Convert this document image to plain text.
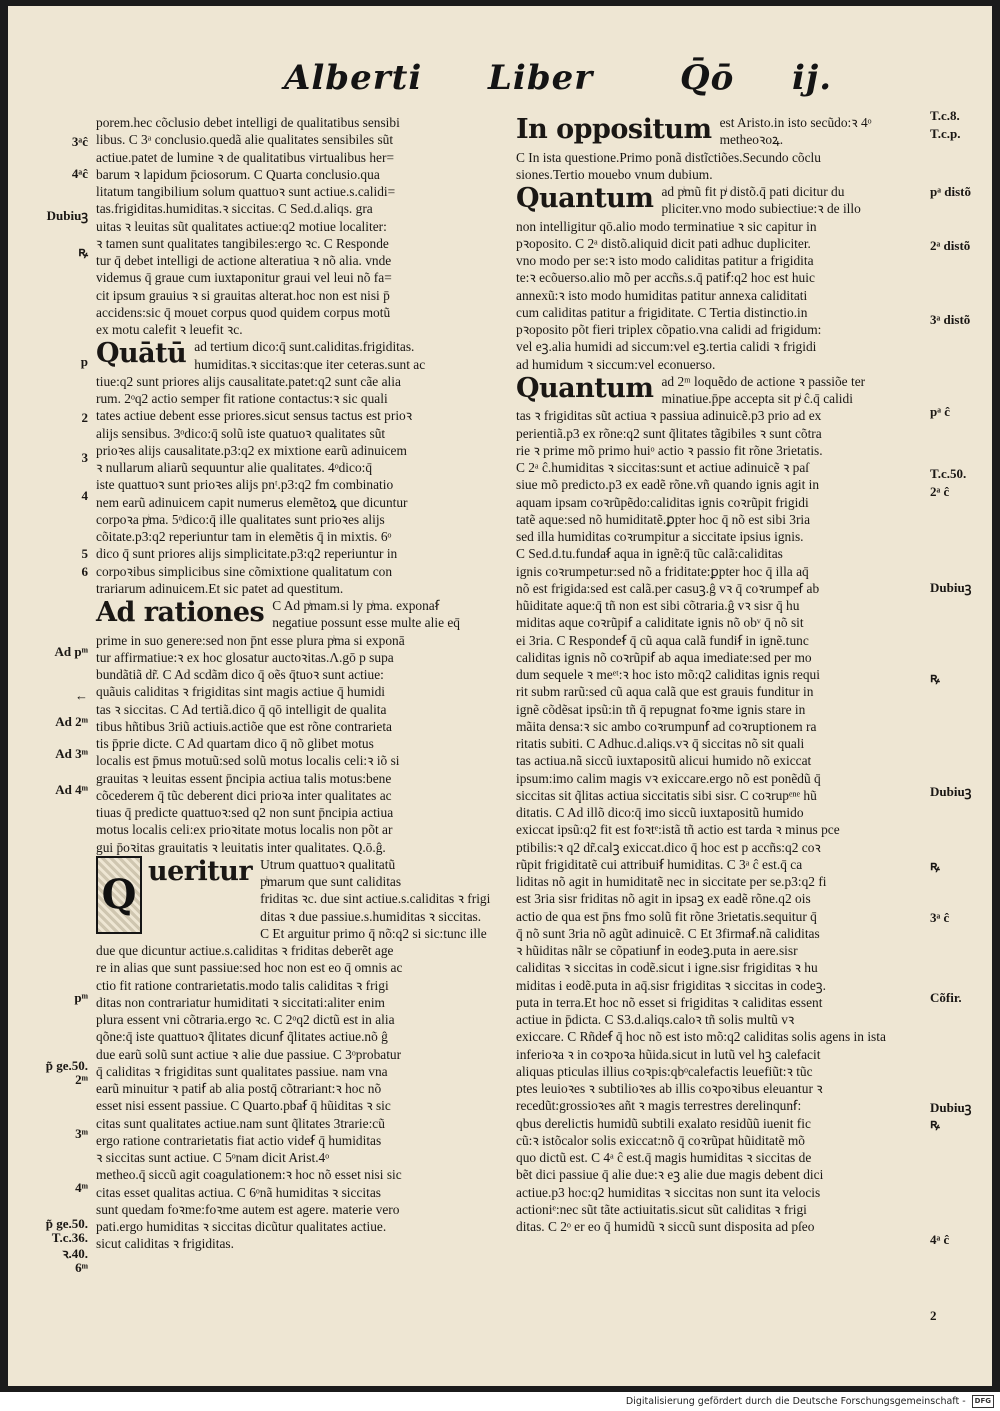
Alberti Liber	Q̄ō ij.
porem.hec cõclusio debet intelligi de qualitatibus sensibi
libus. C 3ᵃ conclusio.quedã alie qualitates sensibiles sũt
actiue.patet de lumine ꝛ de qualitatibus virtualibus her=
barum ꝛ lapidum p̄ciosorum. C Quarta conclusio.qua
litatum tangibilium solum quattuoꝛ sunt actiue.s.calidi=
tas.frigiditas.humiditas.ꝛ siccitas. C Sed.d.aliqs. gra
uitas ꝛ leuitas sũt qualitates actiue:q2 motiue localiter:
ꝛ tamen sunt qualitates tangibiles:ergo ꝛc. C Responde
tur q̄ debet intelligi de actione alteratiua ꝛ nõ alia. vnde
videmus q̄ graue cum iuxtaponitur graui vel leui nõ fa=
cit ipsum grauius ꝛ si grauitas alterat.hoc non est nisi p̄
accidens:sic q̄ mouet corpus quod quidem corpus motũ
ex motu calefit ꝛ leuefit ꝛc.
Quātū ad tertium dico:q̄ sunt.caliditas.frigiditas.
humiditas.ꝛ siccitas:que iter ceteras.sunt ac
tiue:q2 sunt priores alijs causalitate.patet:q2 sunt cãe alia
rum. 2ᵒq2 actio semper fit ratione contactus:ꝛ sic quali
tates actiue debent esse priores.sicut sensus tactus est prioꝛ
alijs sensibus. 3ᵒdico:q̄ solũ iste quatuoꝛ qualitates sũt
prioꝛes alijs causalitate.p3:q2 ex mixtione earũ adinuicem
ꝛ nullarum aliarũ sequuntur alie qualitates. 4ᵒdico:q̄
iste quattuoꝛ sunt prioꝛes alijs pnᵗ.p3:q2 fm combinatio
nem earũ adinuicem capit numerus elemẽtoꝝ que dicuntur
corpoꝛa pͥma. 5ᵒdico:q̄ ille qualitates sunt prioꝛes alijs
cõitate.p3:q2 reperiuntur tam in elemẽtis q̄ in mixtis. 6ᵒ
dico q̄ sunt priores alijs simplicitate.p3:q2 reperiuntur in
corpoꝛibus simplicibus sine cõmixtione qualitatum con
trariarum adinuicem.Et sic patet ad questitum.
Ad rationes C Ad pͥmam.si ly pͥma. exponaẜ
negatiue possunt esse multe alie eq̄
prime in suo genere:sed non p̄nt esse plura pͥma si exponā
tur affirmatiue:ꝛ ex hoc glosatur auctoꝛitas.Λ.gō p supa
bundãtiã dr̃. C Ad scdãm dico q̄ oẽs q̄tuoꝛ sunt actiue:
quãuis caliditas ꝛ frigiditas sint magis actiue q̄ humidi
tas ꝛ siccitas. C Ad tertiã.dico q̄ qō intelligit de qualita
tibus hñtibus 3riũ actiuis.actiõe que est rõne contrarieta
tis p̄prie dicte. C Ad quartam dico q̄ nõ glibet motus
localis est p̄mus motuũ:sed solũ motus localis celi:ꝛ iõ si
grauitas ꝛ leuitas essent p̄ncipia actiua talis motus:bene
cõcederem q̄ tũc deberent dici prioꝛa inter qualitates ac
tiuas q̄ predicte quattuoꝛ:sed q2 non sunt p̄ncipia actiua
motus localis celi:ex prioꝛitate motus localis non põt ar
gui p̄oꝛitas grauitatis ꝛ leuitatis inter qualitates. Q.ō.ĝ.
Q ueritur Utrum quattuoꝛ qualitatũ
pͥmarum que sunt caliditas
friditas ꝛc. due sint actiue.s.caliditas ꝛ frigi
ditas ꝛ due passiue.s.humiditas ꝛ siccitas.
C Et arguitur primo q̄ nõ:q2 si sic:tunc ille
due que dicuntur actiue.s.caliditas ꝛ friditas deberẽt age
re in alias que sunt passiue:sed hoc non est eo q̄ omnis ac
ctio fit ratione contrarietatis.modo talis caliditas ꝛ frigi
ditas non contrariatur humiditati ꝛ siccitati:aliter enim
plura essent vni cõtraria.ergo ꝛc. C 2ᵒq2 dictũ est in alia
qõne:q̄ iste quattuoꝛ q̃litates dicunẜ q̃litates actiue.nõ ĝ
due earũ solũ sunt actiue ꝛ alie due passiue. C 3ᵒprobatur
q̄ caliditas ꝛ frigiditas sunt qualitates passiue. nam vna
earũ minuitur ꝛ patiẜ ab alia postq̄ cõtrariant:ꝛ hoc nõ
esset nisi essent passiue. C Quarto.pbaẜ q̄ hũiditas ꝛ sic
citas sunt qualitates actiue.nam sunt q̃litates 3trarie:cũ
ergo ratione contrarietatis fiat actio videẜ q̄ humiditas
ꝛ siccitas sunt actiue. C 5ᵒnam dicit Arist.4ᵒ
metheo.q̄ siccũ agit coagulationem:ꝛ hoc nõ esset nisi sic
citas esset qualitas actiua. C 6ᵒnã humiditas ꝛ siccitas
sunt quedam foꝛme:foꝛme autem est agere. materie vero
pati.ergo humiditas ꝛ siccitas dicũtur qualitates actiue.
sicut caliditas ꝛ frigiditas.
In oppositum est Aristo.in isto secũdo:ꝛ 4ᵒ
metheoꝛoꝝ.
C In ista questione.Primo ponã distĩctiões.Secundo cõclu
siones.Tertio mouebo vnum dubium.
Quantum ad pͥmũ fit pͥ distõ.q̄ pati dicitur du
pliciter.vno modo subiectiue:ꝛ de illo
non intelligitur qō.alio modo terminatiue ꝛ sic capitur in
pꝛoposito. C 2ᵃ distõ.aliquid dicit pati adhuc dupliciter.
vno modo per se:ꝛ isto modo caliditas patitur a frigidita
te:ꝛ ecõuerso.alio mõ per accñs.s.q̄ patiẜ:q2 hoc est huic
annexũ:ꝛ isto modo humiditas patitur annexa caliditati
cum caliditas patitur a frigiditate. C Tertia distinctio.in
pꝛoposito põt fieri triplex cõpatio.vna calidi ad frigidum:
vel eꝫ.alia humidi ad siccum:vel eꝫ.tertia calidi ꝛ frigidi
ad humidum ꝛ siccum:vel econuerso.
Quantum ad 2ᵐ loquẽdo de actione ꝛ passiõe ter
minatiue.p̄pe accepta sit pͥ ĉ.q̄ calidi
tas ꝛ frigiditas sũt actiua ꝛ passiua adinuicẽ.p3 prio ad ex
perientiã.p3 ex rõne:q2 sunt q̃litates tãgibiles ꝛ sunt cõtra
rie ꝛ prime mõ primo huiᵒ actio ꝛ passio fit rõne 3rietatis.
C 2ᵃ ĉ.humiditas ꝛ siccitas:sunt et actiue adinuicẽ ꝛ paſ
siue mõ predicto.p3 ex eadẽ rõne.vñ quando ignis agit in
aquam ipsam coꝛrũpẽdo:caliditas ignis coꝛrũpit frigidi
tatẽ aque:sed nõ humiditatẽ.ꝑpter hoc q̄ nõ est sibi 3ria
sed illa humiditas coꝛrumpitur a siccitate ipsius ignis.
C Sed.d.tu.fundaẜ aqua in ignẽ:q̄ tũc calã:caliditas
ignis coꝛrumpetur:sed nõ a friditate:ꝑpter hoc q̄ illa aq̄
nõ est frigida:sed est calã.per casuꝫ.ĝ vꝛ q̄ coꝛrumpeẜ ab
hũiditate aque:q̄ tñ non est sibi cõtraria.ĝ vꝛ sisr q̄ hu
miditas aque coꝛrũpiẜ a caliditate ignis nõ obᵛ q̄ nõ sit
ei 3ria. C Respondeẜ q̄ cũ aqua calã fundiẜ in ignẽ.tunc
caliditas ignis nõ coꝛrũpiẜ ab aqua imediate:sed per mo
dum sequele ꝛ meᵉᵗ:ꝛ hoc isto mõ:q2 caliditas ignis requi
rit subm rarũ:sed cũ aqua calã que est grauis funditur in
ignẽ cõdẽsat ipsũ:in tñ q̄ repugnat foꝛme ignis stare in
mãita densa:ꝛ sic ambo coꝛrumpunẜ ad coꝛruptionem ra
ritatis subiti. C Adhuc.d.aliqs.vꝛ q̄ siccitas nõ sit quali
tas actiua.nã siccũ iuxtapositũ alicui humido nõ exiccat
ipsum:imo calim magis vꝛ exiccare.ergo nõ est ponẽdũ q̄
siccitas sit q̃litas actiua siccitatis sibi sisr. C coꝛrupᵉⁿᵉ hũ
ditatis. C Ad illõ dico:q̄ imo siccũ iuxtapositũ humido
exiccat ipsũ:q2 fit est foꝛtᵉ:istã tñ actio est tarda ꝛ minus pce
ptibilis:ꝛ q2 dr̃.calꝫ exiccat.dico q̄ hoc est p accñs:q2 coꝛ
rũpit frigiditatẽ cui attribuiẜ humiditas. C 3ᵃ ĉ est.q̄ ca
liditas nõ agit in humiditatẽ nec in siccitate per se.p3:q2 fi
est 3ria sisr friditas nõ agit in ipsaꝫ ex eadẽ rõne.q2 ois
actio de qua est p̄ns fmo solũ fit rõne 3rietatis.sequitur q̄
q̄ nõ sunt 3ria nõ agũt adinuicẽ. C Et 3firmaẜ.nã caliditas
ꝛ hũiditas nãlr se cõpatiunẜ in eodeꝫ.puta in aere.sisr
caliditas ꝛ siccitas in codẽ.sicut i igne.sisr frigiditas ꝛ hu
miditas i eodẽ.puta in aq̄.sisr frigiditas ꝛ siccitas in codeꝫ.
puta in terra.Et hoc nõ esset si frigiditas ꝛ caliditas essent
actiue in p̄dicta. C S3.d.aliqs.caloꝛ tñ solis multũ vꝛ
exiccare. C Rñdeẜ q̄ hoc nõ est isto mõ:q2 caliditas solis agens in ista
inferioꝛa ꝛ in coꝛpoꝛa hũida.sicut in lutũ vel hꝫ calefacit
aliquas pticulas illius coꝛpis:qbᵒcalefactis leuefiũt:ꝛ tũc
ptes leuioꝛes ꝛ subtilioꝛes ab illis coꝛpoꝛibus eleuantur ꝛ
recedũt:grossioꝛes añt ꝛ magis terrestres derelinqunẜ:
qbus derelictis humidũ subtili exalato residũũ iuenit fic
cũ:ꝛ istõcalor solis exiccat:nõ q̄ coꝛrũpat hũiditatẽ mõ
quo dictũ est. C 4ᵃ ĉ est.q̄ magis humiditas ꝛ siccitas de
bẽt dici passiue q̄ alie due:ꝛ eꝫ alie due magis debent dici
actiue.p3 hoc:q2 humiditas ꝛ siccitas non sunt ita velocis
actioniᵉ:nec sũt tãte actiuitatis.sicut sũt caliditas ꝛ frigi
ditas. C 2ᵒ er eo q̄ humidũ ꝛ siccũ sunt disposita ad pſeo
3ᵃĉ
4ᵃĉ
Dubiuꝫ
ꝶ
p
2
3
4
5
6
Ad pᵐ
←
Ad 2ᵐ
Ad 3ᵐ
Ad 4ᵐ
pᵐ
p̃ ge.50.
2ᵐ
3ᵐ
4ᵐ
p̃ ge.50.
T.c.36.
ꝛ.40.
6ᵐ
T.c.8.
T.c.p.
pᵃ distõ
2ᵃ distõ
3ᵃ distõ
pᵃ ĉ
T.c.50.
2ᵃ ĉ
Dubiuꝫ
ꝶ
Dubiuꝫ
ꝶ
3ᵃ ĉ
Cõfir.
Dubiuꝫ
ꝶ
4ᵃ ĉ
2
Digitalisierung gefördert durch die Deutsche Forschungsgemeinschaft -	DFG
